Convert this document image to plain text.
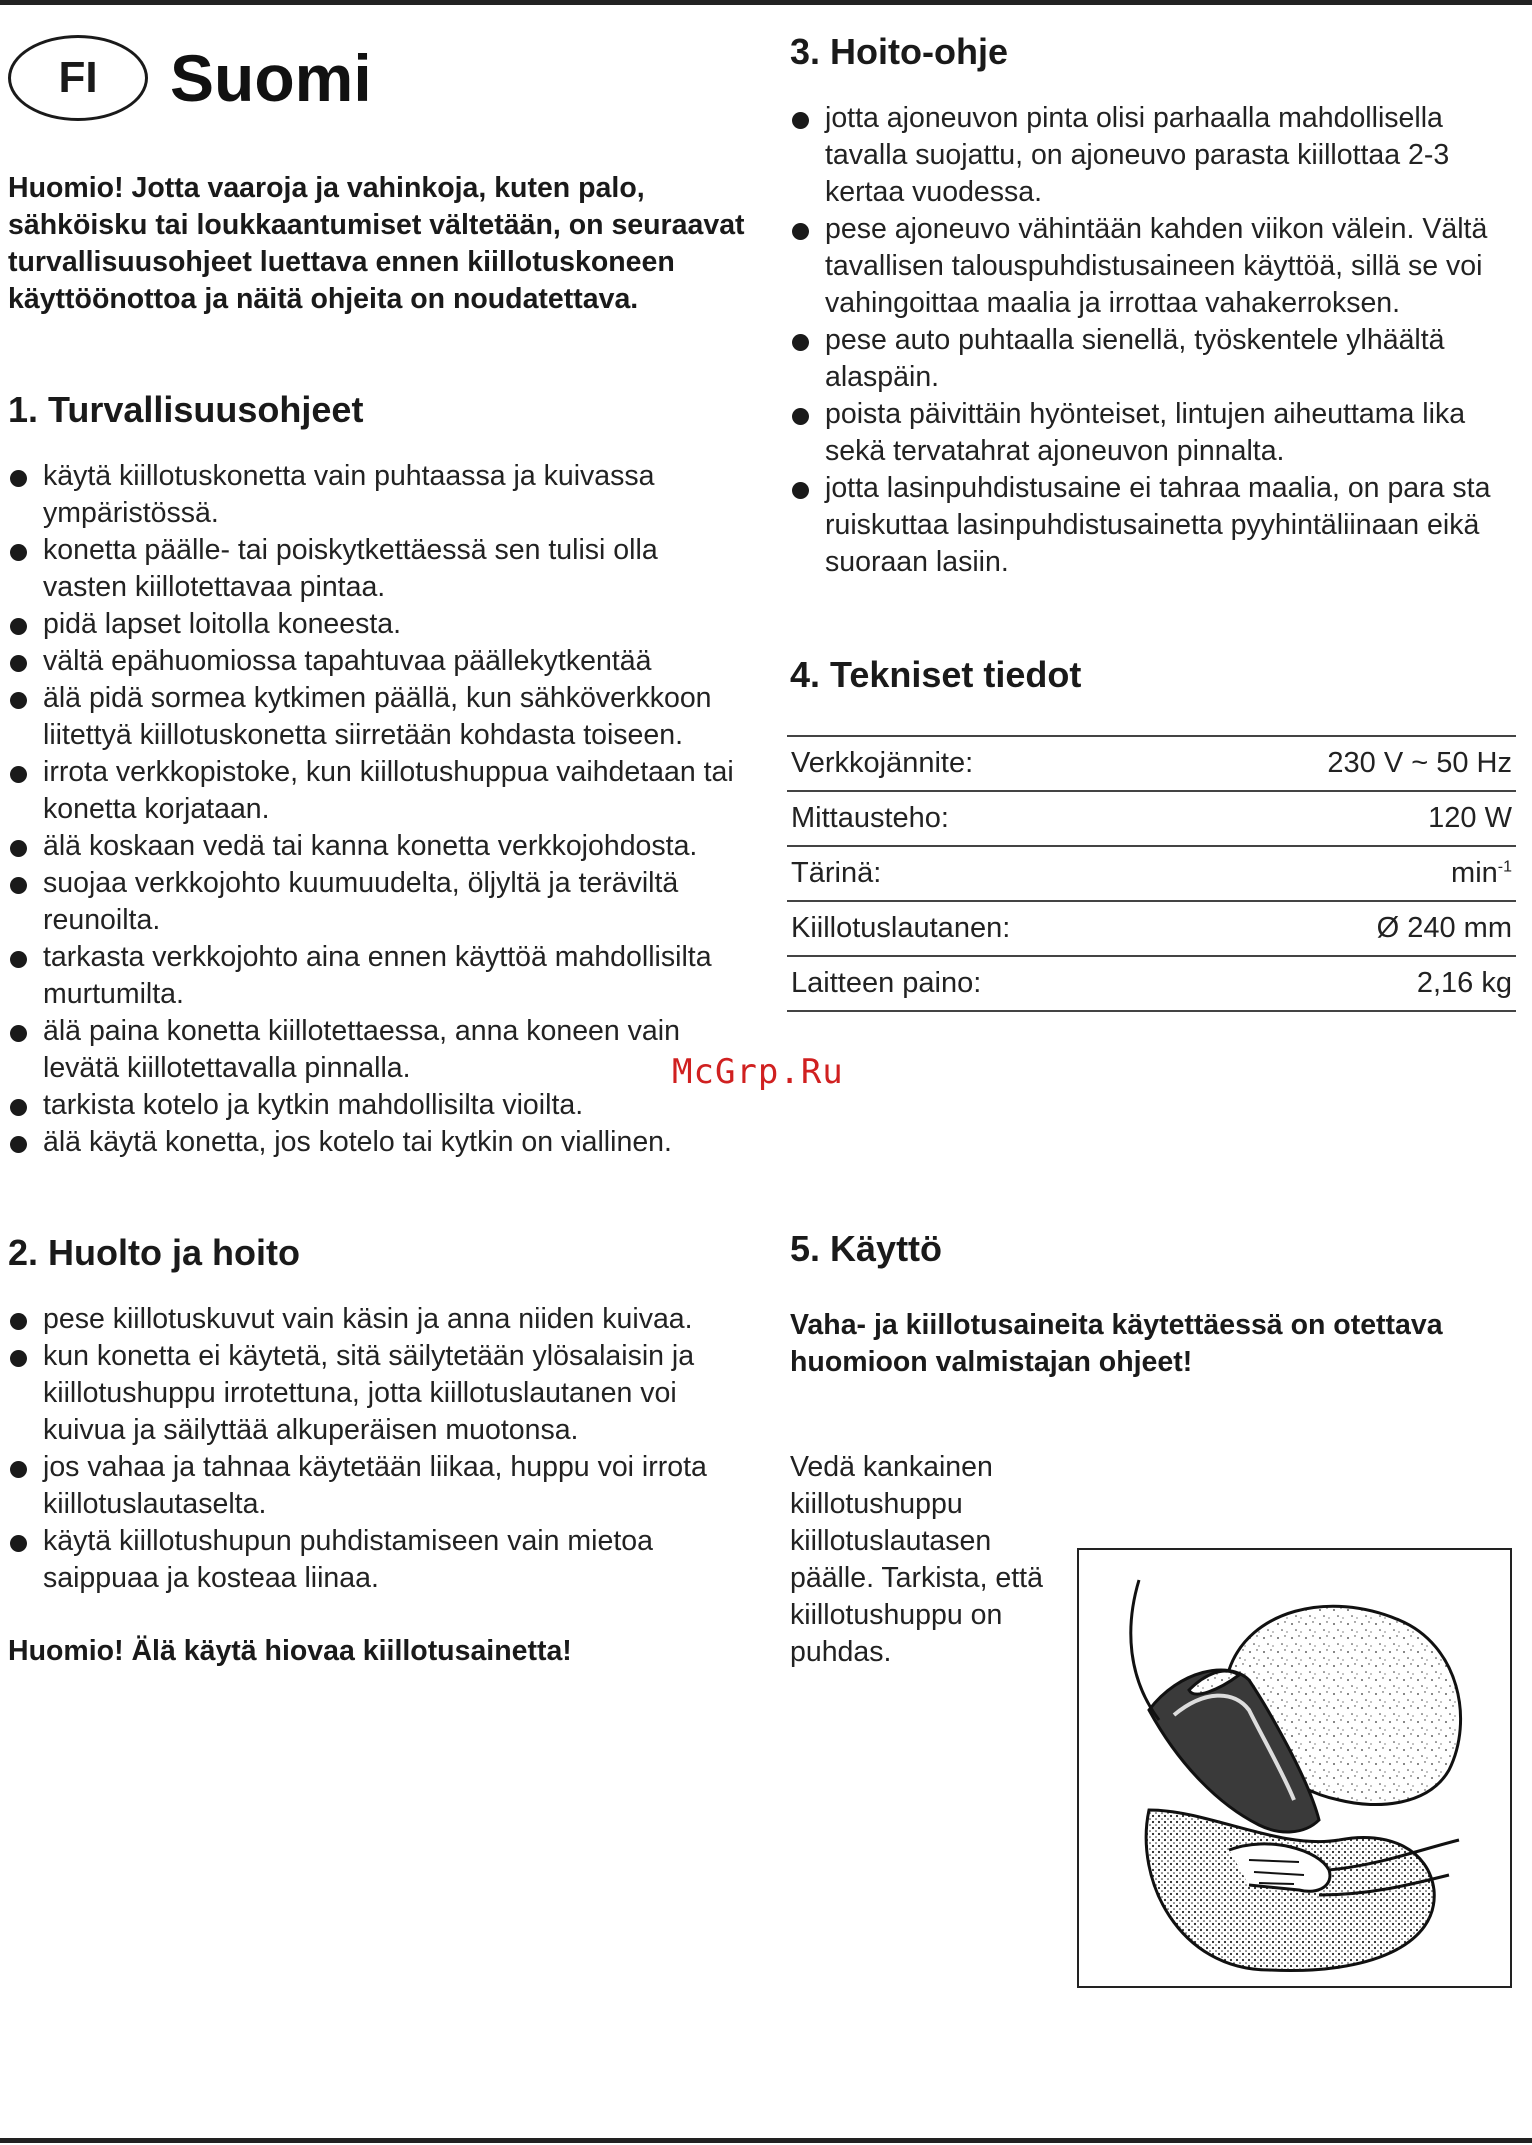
FI	Suomi
Huomio! Jotta vaaroja ja vahinkoja, kuten palo, sähköisku tai loukkaantumiset vältetään, on seuraavat turvallisuusohjeet luettava ennen kiillotuskoneen käyttöönottoa ja näitä ohjeita on noudatettava.
1. Turvallisuusohjeet
käytä kiillotuskonetta vain puhtaassa ja kuivassa ympäristössä.
konetta päälle- tai poiskytkettäessä sen tulisi olla vasten kiillotettavaa pintaa.
pidä lapset loitolla koneesta.
vältä epähuomiossa tapahtuvaa päällekytkentää
älä pidä sormea kytkimen päällä, kun sähköverkkoon liitettyä kiillotuskonetta siirretään kohdasta toiseen.
irrota verkkopistoke, kun kiillotushuppua vaihdetaan tai konetta korjataan.
älä koskaan vedä tai kanna konetta verkkojohdosta.
suojaa verkkojohto kuumuudelta, öljyltä ja teräviltä reunoilta.
tarkasta verkkojohto aina ennen käyttöä mahdollisilta murtumilta.
älä paina konetta kiillotettaessa, anna koneen vain levätä kiillotettavalla pinnalla.
tarkista kotelo ja kytkin mahdollisilta vioilta.
älä käytä konetta, jos kotelo tai kytkin on viallinen.
2. Huolto ja hoito
pese kiillotuskuvut vain käsin ja anna niiden kuivaa.
kun konetta ei käytetä, sitä säilytetään ylösalaisin ja kiillotushuppu irrotettuna, jotta kiillotuslautanen voi kuivua ja säilyttää alkuperäisen muotonsa.
jos vahaa ja tahnaa käytetään liikaa, huppu voi irrota kiillotuslautaselta.
käytä kiillotushupun puhdistamiseen vain mietoa saippuaa ja kosteaa liinaa.
Huomio! Älä käytä hiovaa kiillotusainetta!
3. Hoito-ohje
jotta ajoneuvon pinta olisi parhaalla mahdollisella tavalla suojattu, on ajoneuvo parasta kiillottaa 2-3 kertaa vuodessa.
pese ajoneuvo vähintään kahden viikon välein. Vältä tavallisen talouspuhdistusaineen käyttöä, sillä se voi vahingoittaa maalia ja irrottaa vahakerroksen.
pese auto puhtaalla sienellä, työskentele ylhäältä alaspäin.
poista päivittäin hyönteiset, lintujen aiheuttama lika sekä tervatahrat ajoneuvon pinnalta.
jotta lasinpuhdistusaine ei tahraa maalia, on para sta ruiskuttaa lasinpuhdistusainetta pyyhintäliinaan eikä suoraan lasiin.
4. Tekniset tiedot
Verkkojännite:	230 V ~ 50 Hz
Mittausteho:	120 W
Tärinä:	$\min^{-1}$
Kiillotuslautanen:	Ø 240 mm
Laitteen paino:	2,16 kg
5. Käyttö
Vaha- ja kiillotusaineita käytettäessä on otettava huomioon valmistajan ohjeet!
Vedä kankainen kiillotushuppu kiillotuslautasen päälle. Tarkista, että kiillotushuppu on puhdas.
McGrp.Ru
